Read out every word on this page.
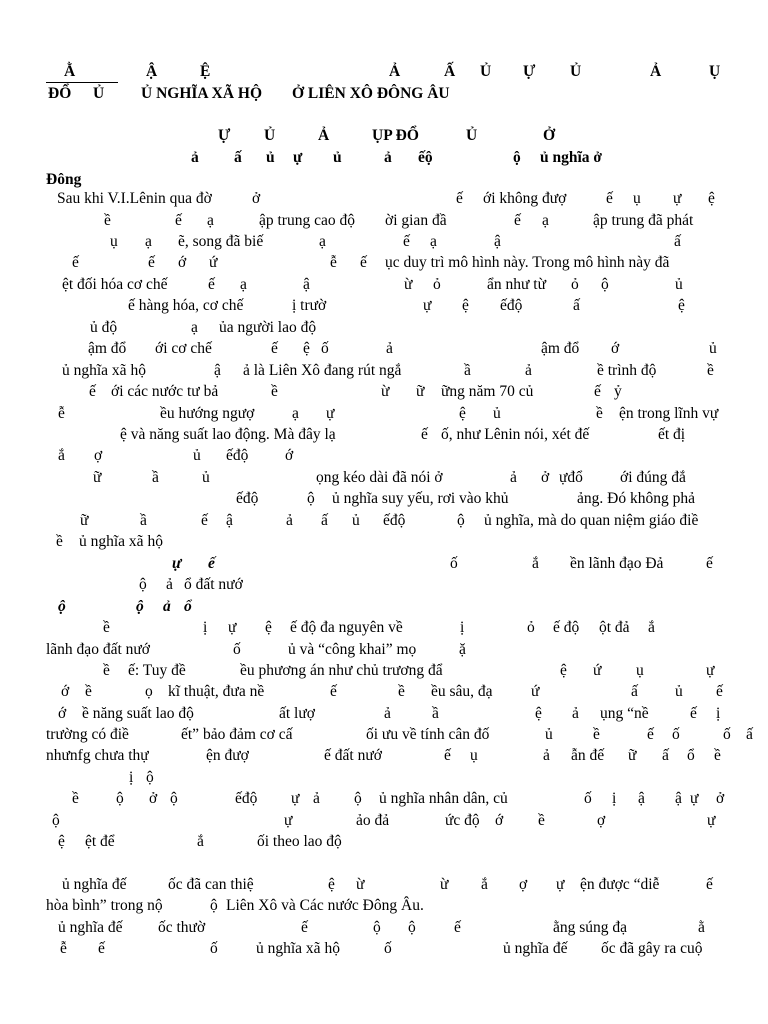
Ằ	Ậ	Ệ	Ả	Ấ Ủ Ự Ủ	Ả	Ụ
ĐỔ Ủ Ủ NGHĨA XÃ HỘ Ở LIÊN XÔ ĐÔNG ÂU
Ự Ủ	Ả	ỤP ĐỔ	Ủ	Ở
ả ấ ủ ự ủ	ả ếộ	ộ ủ nghĩa ở
Đông
Sau khi V.I.Lênin qua đờ	ở	ế ới không đượ	ế ụ ự ệ
ề	ế ạ	ập trung cao độ ời gian đầ	ế ạ	ập trung đã phát
ụ ạ ẽ, song đã biế	ạ	ế ạ	ậ	ấ
ế	ế ớ ứ	ễ ế ục duy trì mô hình này. Trong mô hình này đã
ệt đối hóa cơ chế	ế ạ	ậ	ừ ỏ	ẩn như từ ỏ ộ	ủ
ế hàng hóa, cơ chế	ị trườ	ự ệ ếđộ	ấ	ệ
ủ độ	ạ ủa người lao độ
ậm đổ ới cơ chế	ế ệ ố	ả	ậm đổ ớ	ủ
ủ nghĩa xã hộ	ậ ả là Liên Xô đang rút ngắ	ầ	ả	ề trình độ	ề
ế ới các nước tư bả	ề	ừ ữ ững năm 70 củ	ế ỷ
ễ	ều hướng ngượ ạ ự	ệ ủ	ề ện trong lĩnh vự
ệ và năng suất lao động. Mà đây lạ	ế ố, như Lênin nói, xét đế	ết đị
ắ ợ	ủ ếđộ ớ
ữ	ầ	ủ	ọng kéo dài đã nói ở	ả ở ựđổ ới đúng đắ
ếđộ	ộ ủ nghĩa suy yếu, rơi vào khủ	ảng. Đó không phả
ữ	ầ	ế ậ	ả ấ ủ ếđộ	ộ ủ nghĩa, mà do quan niệm giáo điề
ề ủ nghĩa xã hộ
ự ế	ố	ắ ền lãnh đạo Đả	ế
ộ ả ổ đất nướ
ộ	ộ ả ổ
ề	ị ự ệ ế độ đa nguyên về	ị	ỏ ế độ ột đả ắ
lãnh đạo đất nướ	ố	ủ và “công khai” mọ	ặ
ề ế: Tuy đề	ều phương án như chủ trương đẩ	ệ ứ ụ	ự
ớ ề	ọ kĩ thuật, đưa nề	ế	ề ều sâu, đạ ứ	ấ ủ ế
ớ ề năng suất lao độ	ất lượ	ả	ầ	ệ ả ụng “nề	ế ị
trường có điề	ết” bảo đảm cơ cấ	ối ưu về tính cân đố	ủ	ề	ế ố	ố ấ
nhưnfg chưa thự	ện đượ	ế đất nướ	ế ụ	ả ẫn đế ữ ấ ổ ề
ị ộ
ề ộ ở ộ	ếđộ ự ả ộ ủ nghĩa nhân dân, củ	ố ị ậ ậ ự ở
ộ	ự	ảo đả	ức độ ớ ề	ợ	ự
ệ ệt để	ắ	ối theo lao độ
ủ nghĩa đế	ốc đã can thiệ	ệ ừ	ừ ắ ợ ự ện được “diễ	ế
hòa bình” trong nộ	ộ Liên Xô và Các nước Đông Âu.
ủ nghĩa đế ốc thườ	ế	ộ ộ ế	ằng súng đạ	ằ
ễ ế	ố ủ nghĩa xã hộ	ố	ủ nghĩa đế ốc đã gây ra cuộ
